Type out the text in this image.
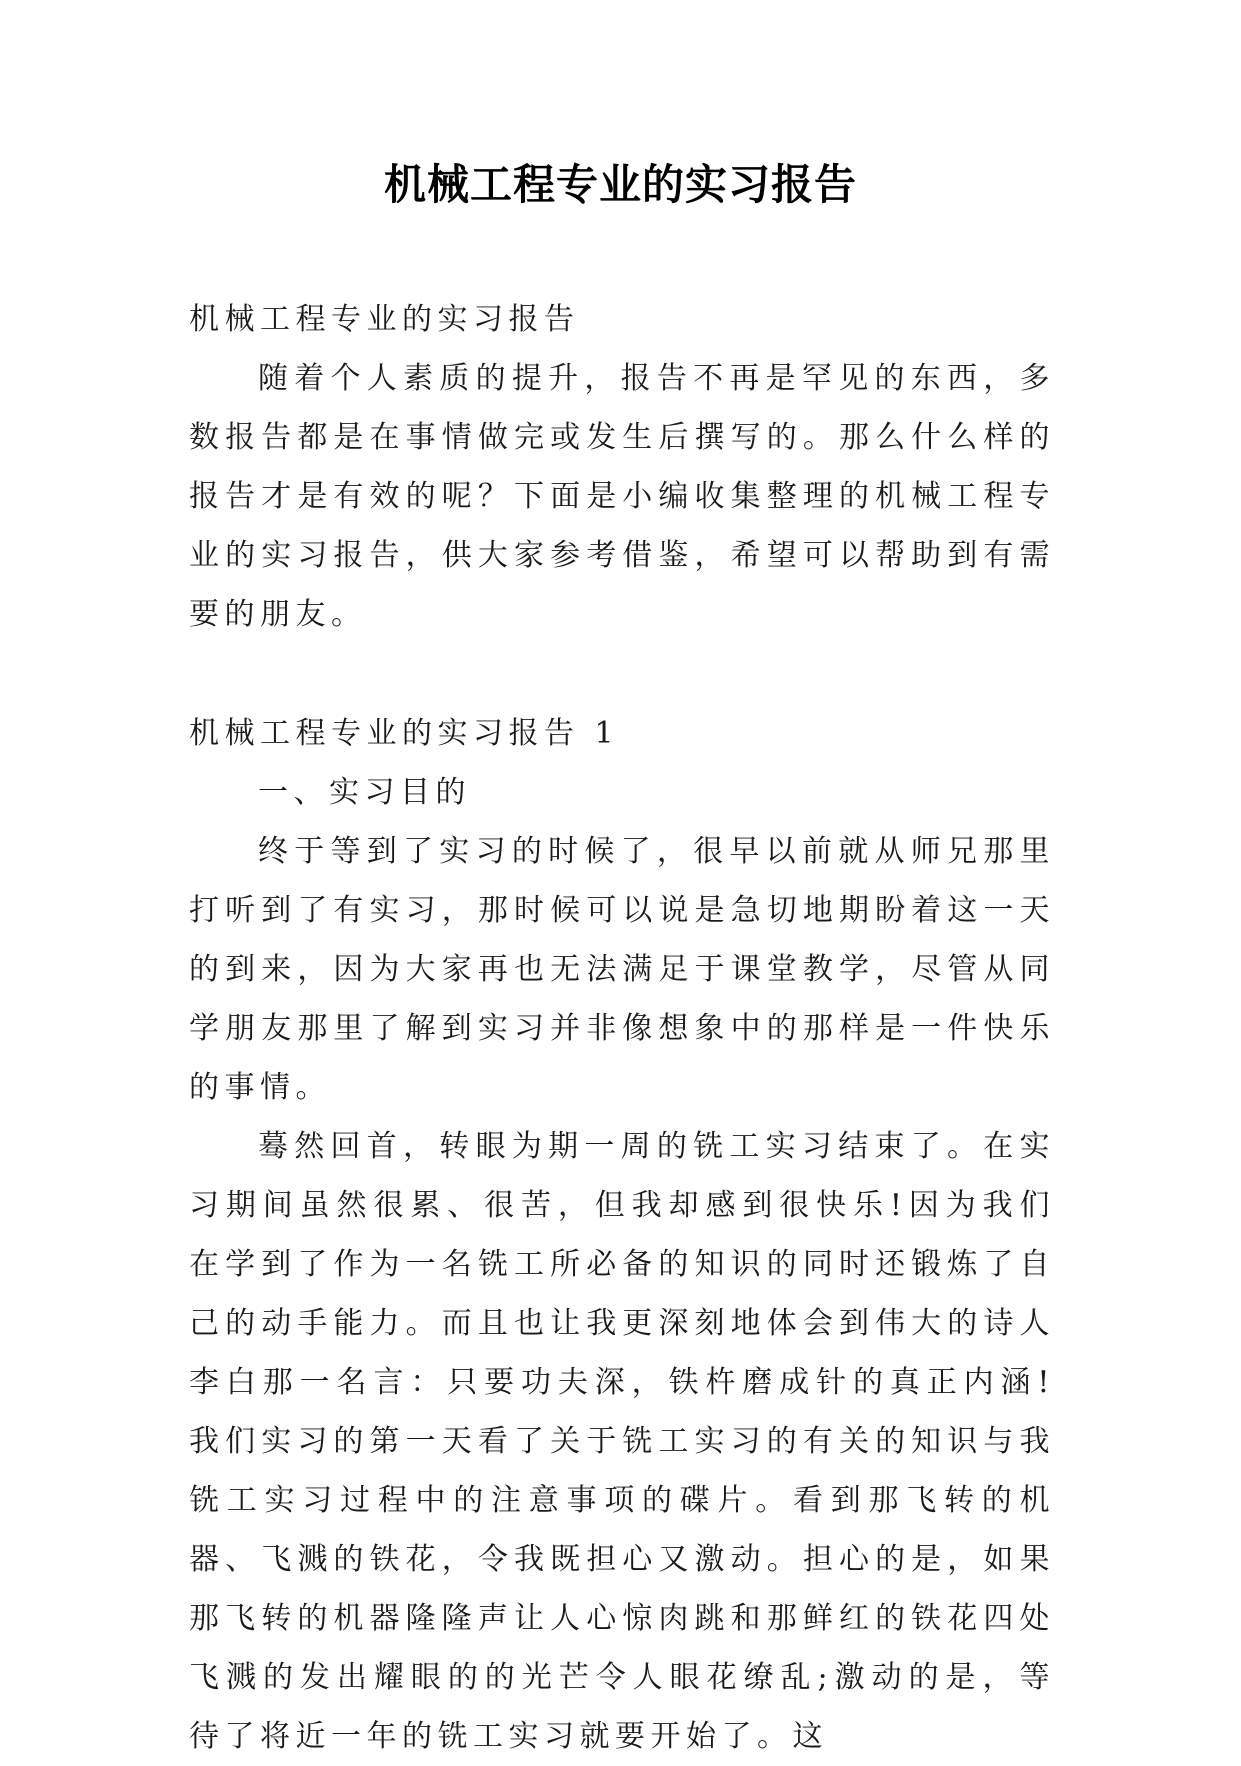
机械工程专业的实习报告

机械工程专业的实习报告

随着个人素质的提升，报告不再是罕见的东西，多数报告都是在事情做完或发生后撰写的。那么什么样的报告才是有效的呢？下面是小编收集整理的机械工程专业的实习报告，供大家参考借鉴，希望可以帮助到有需要的朋友。

机械工程专业的实习报告 1

一、实习目的

终于等到了实习的时候了，很早以前就从师兄那里打听到了有实习，那时候可以说是急切地期盼着这一天的到来，因为大家再也无法满足于课堂教学，尽管从同学朋友那里了解到实习并非像想象中的那样是一件快乐的事情。

蓦然回首，转眼为期一周的铣工实习结束了。在实习期间虽然很累、很苦，但我却感到很快乐!因为我们在学到了作为一名铣工所必备的知识的同时还锻炼了自己的动手能力。而且也让我更深刻地体会到伟大的诗人李白那一名言：只要功夫深，铁杵磨成针的真正内涵!我们实习的第一天看了关于铣工实习的有关的知识与我铣工实习过程中的注意事项的碟片。看到那飞转的机器、飞溅的铁花，令我既担心又激动。担心的是，如果那飞转的机器隆隆声让人心惊肉跳和那鲜红的铁花四处飞溅的发出耀眼的的光芒令人眼花缭乱;激动的是，等待了将近一年的铣工实习就要开始了。这
